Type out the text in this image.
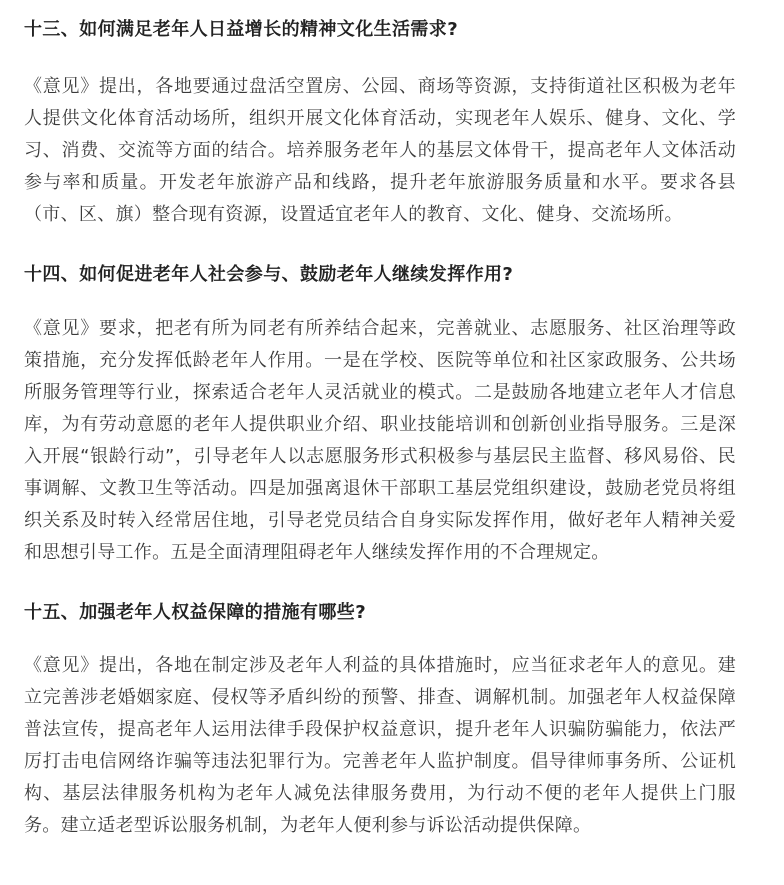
十三、如何满足老年人日益增长的精神文化生活需求?

《意见》提出，各地要通过盘活空置房、公园、商场等资源，支持街道社区积极为老年人提供文化体育活动场所，组织开展文化体育活动，实现老年人娱乐、健身、文化、学习、消费、交流等方面的结合。培养服务老年人的基层文体骨干，提高老年人文体活动参与率和质量。开发老年旅游产品和线路，提升老年旅游服务质量和水平。要求各县（市、区、旗）整合现有资源，设置适宜老年人的教育、文化、健身、交流场所。

十四、如何促进老年人社会参与、鼓励老年人继续发挥作用?

《意见》要求，把老有所为同老有所养结合起来，完善就业、志愿服务、社区治理等政策措施，充分发挥低龄老年人作用。一是在学校、医院等单位和社区家政服务、公共场所服务管理等行业，探索适合老年人灵活就业的模式。二是鼓励各地建立老年人才信息库，为有劳动意愿的老年人提供职业介绍、职业技能培训和创新创业指导服务。三是深入开展“银龄行动”，引导老年人以志愿服务形式积极参与基层民主监督、移风易俗、民事调解、文教卫生等活动。四是加强离退休干部职工基层党组织建设，鼓励老党员将组织关系及时转入经常居住地，引导老党员结合自身实际发挥作用，做好老年人精神关爱和思想引导工作。五是全面清理阻碍老年人继续发挥作用的不合理规定。

十五、加强老年人权益保障的措施有哪些?

《意见》提出，各地在制定涉及老年人利益的具体措施时，应当征求老年人的意见。建立完善涉老婚姻家庭、侵权等矛盾纠纷的预警、排查、调解机制。加强老年人权益保障普法宣传，提高老年人运用法律手段保护权益意识，提升老年人识骗防骗能力，依法严厉打击电信网络诈骗等违法犯罪行为。完善老年人监护制度。倡导律师事务所、公证机构、基层法律服务机构为老年人减免法律服务费用，为行动不便的老年人提供上门服务。建立适老型诉讼服务机制，为老年人便利参与诉讼活动提供保障。
